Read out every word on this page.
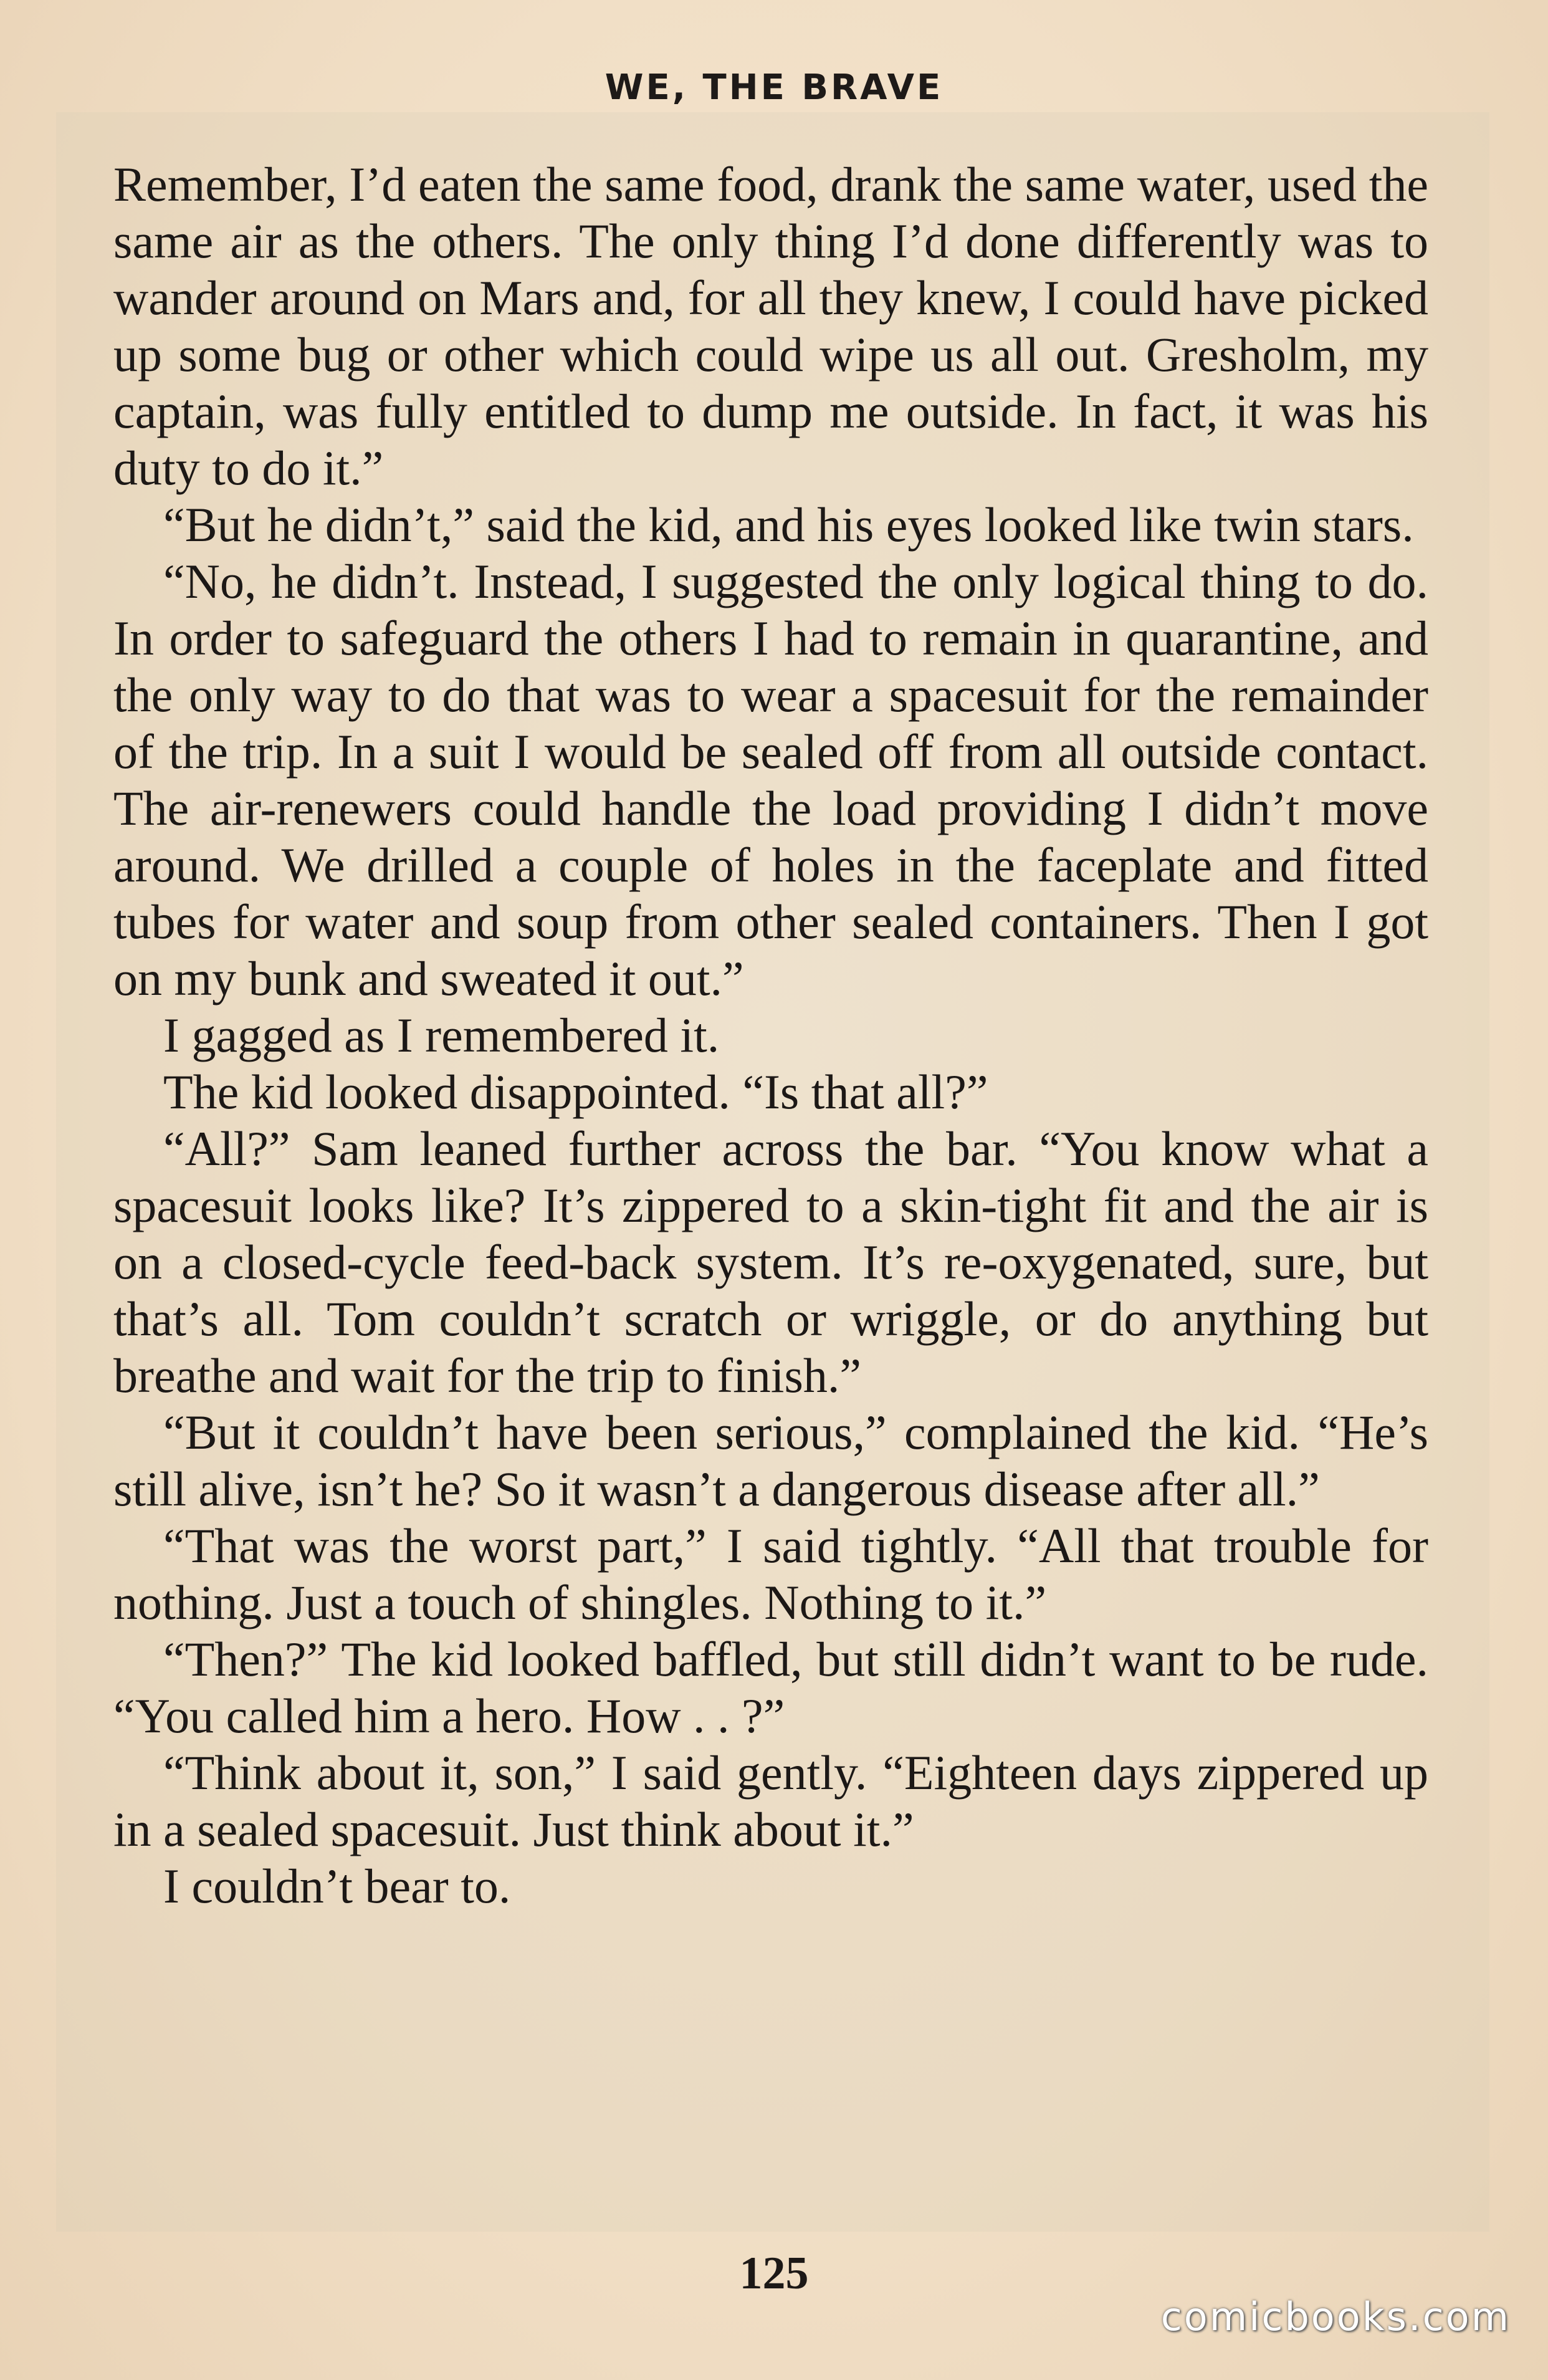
WE, THE BRAVE

Remember, I’d eaten the same food, drank the same water, used the same air as the others. The only thing I’d done differently was to wander around on Mars and, for all they knew, I could have picked up some bug or other which could wipe us all out. Gresholm, my captain, was fully entitled to dump me outside. In fact, it was his duty to do it.”

“But he didn’t,” said the kid, and his eyes looked like twin stars.

“No, he didn’t. Instead, I suggested the only logical thing to do. In order to safeguard the others I had to remain in quarantine, and the only way to do that was to wear a spacesuit for the remainder of the trip. In a suit I would be sealed off from all outside contact. The air-renewers could handle the load providing I didn’t move around. We drilled a couple of holes in the faceplate and fitted tubes for water and soup from other sealed containers. Then I got on my bunk and sweated it out.”

I gagged as I remembered it.

The kid looked disappointed. “Is that all?”

“All?” Sam leaned further across the bar. “You know what a spacesuit looks like? It’s zippered to a skin-tight fit and the air is on a closed-cycle feed-back system. It’s re-oxygenated, sure, but that’s all. Tom couldn’t scratch or wriggle, or do anything but breathe and wait for the trip to finish.”

“But it couldn’t have been serious,” complained the kid. “He’s still alive, isn’t he? So it wasn’t a dangerous disease after all.”

“That was the worst part,” I said tightly. “All that trouble for nothing. Just a touch of shingles. Nothing to it.”

“Then?” The kid looked baffled, but still didn’t want to be rude. “You called him a hero. How . . ?”

“Think about it, son,” I said gently. “Eighteen days zippered up in a sealed spacesuit. Just think about it.”

I couldn’t bear to.

125
comicbooks.com
